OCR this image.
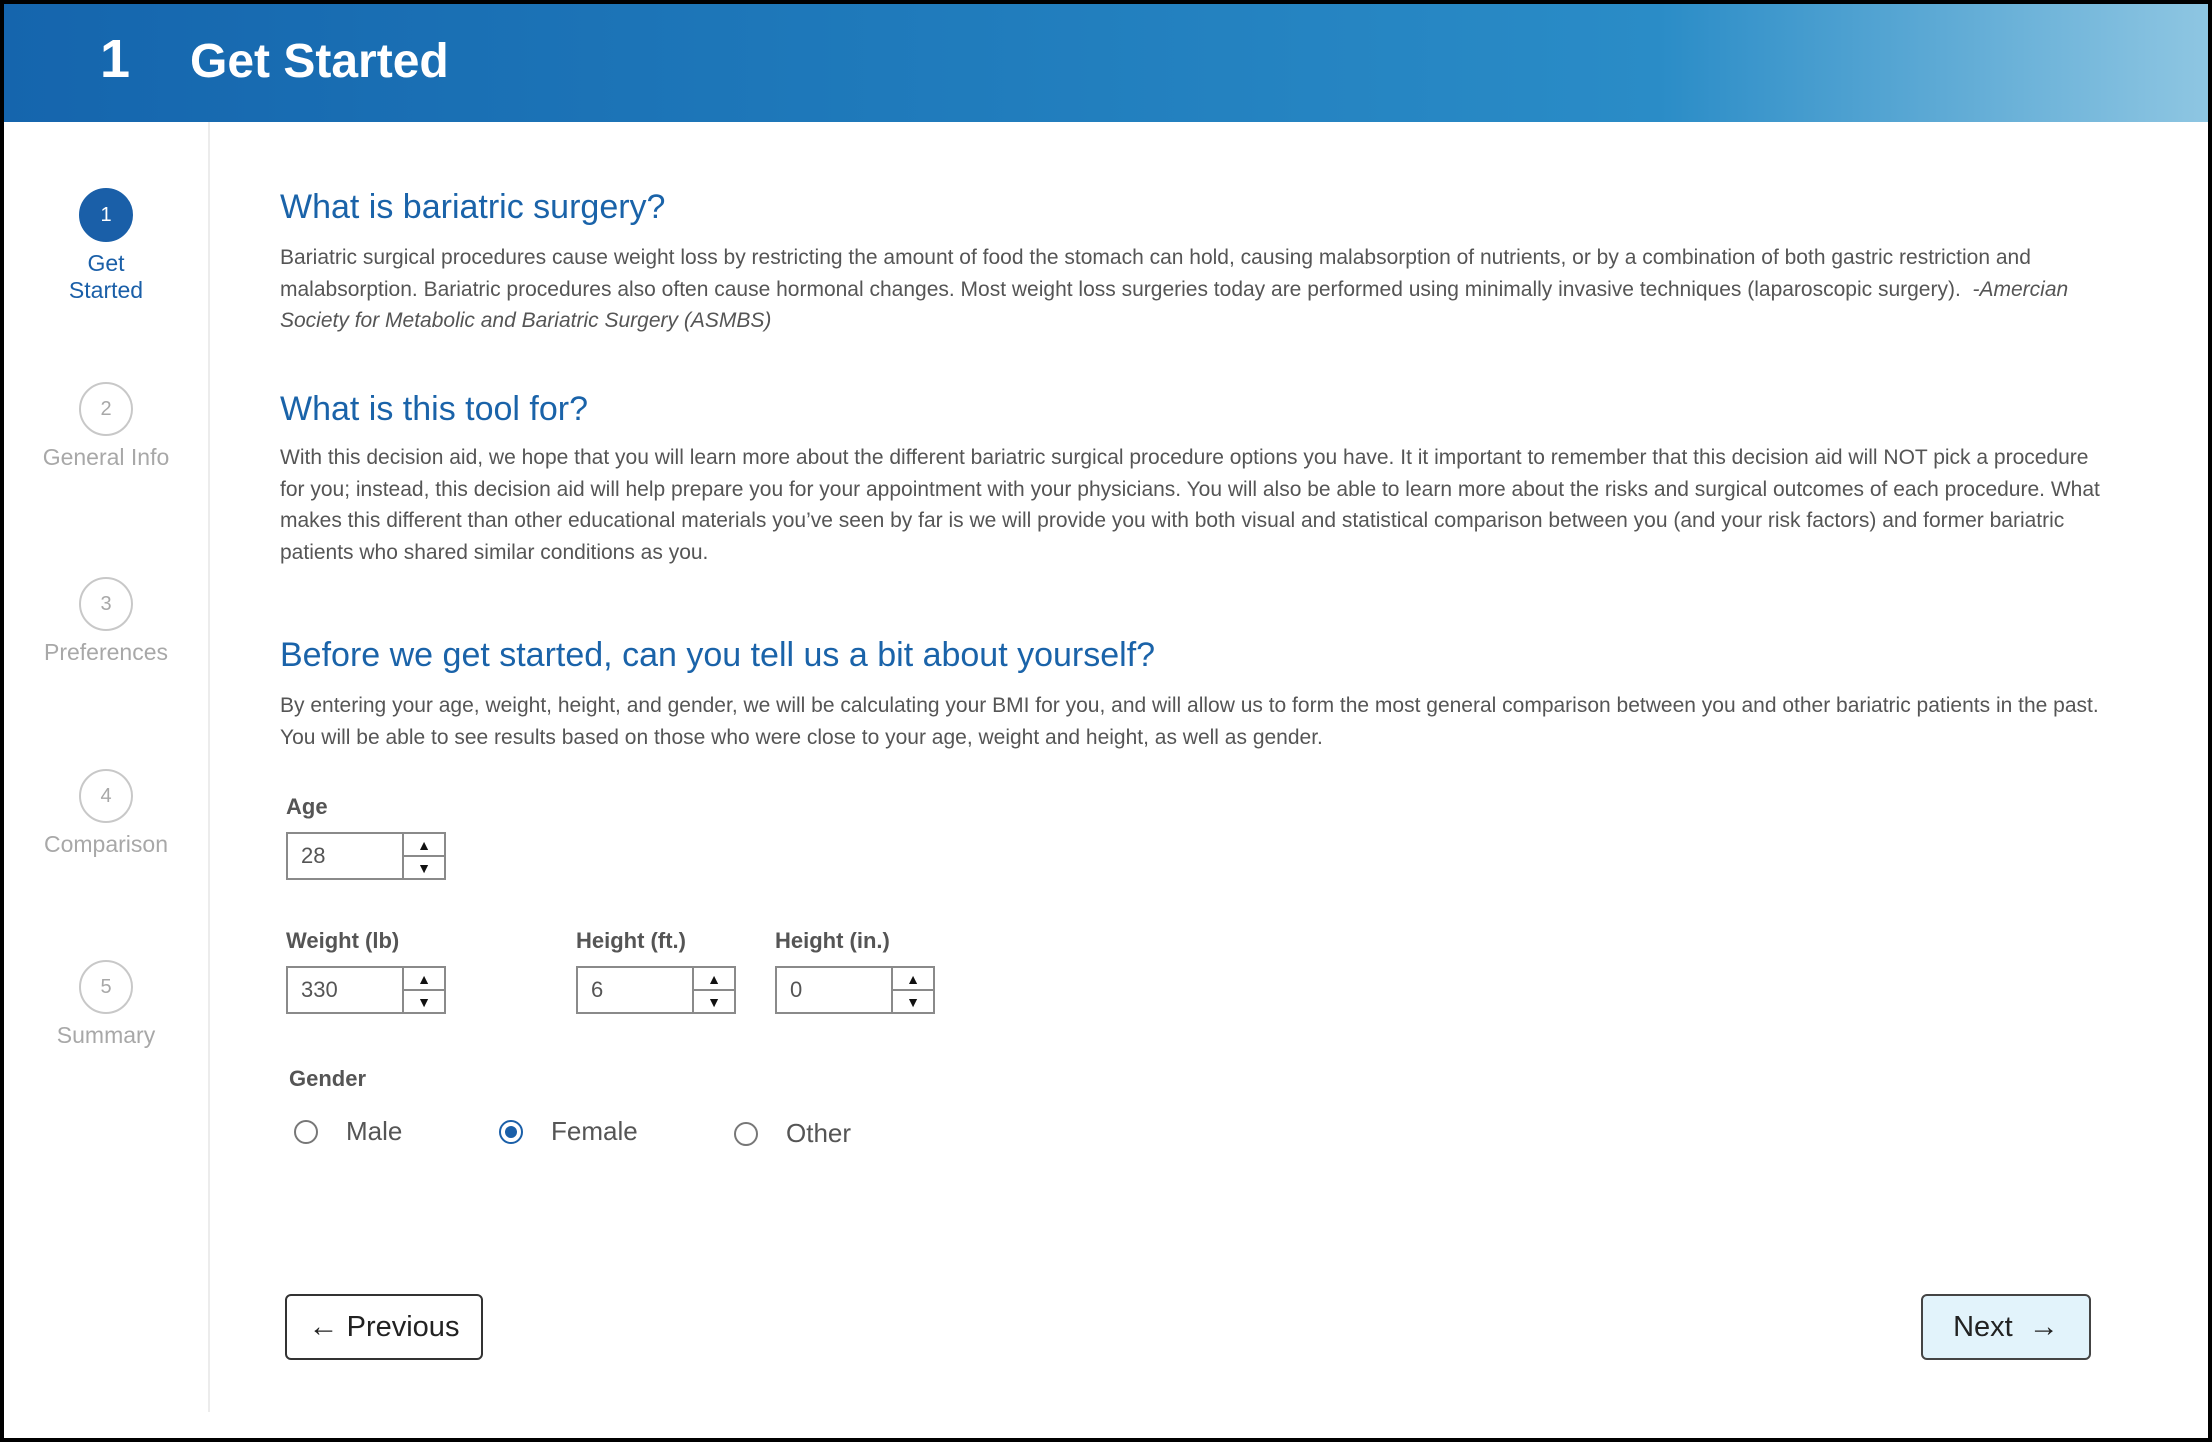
1 Get Started
1
Get
Started
2
General Info
3
Preferences
4
Comparison
5
Summary
What is bariatric surgery?

Bariatric surgical procedures cause weight loss by restricting the amount of food the stomach can hold, causing malabsorption of nutrients, or by a combination of both gastric restriction and malabsorption. Bariatric procedures also often cause hormonal changes. Most weight loss surgeries today are performed using minimally invasive techniques (laparoscopic surgery). -Amercian Society for Metabolic and Bariatric Surgery (ASMBS)

What is this tool for?

With this decision aid, we hope that you will learn more about the different bariatric surgical procedure options you have. It it important to remember that this decision aid will NOT pick a procedure for you; instead, this decision aid will help prepare you for your appointment with your physicians. You will also be able to learn more about the risks and surgical outcomes of each procedure. What makes this different than other educational materials you’ve seen by far is we will provide you with both visual and statistical comparison between you (and your risk factors) and former bariatric patients who shared similar conditions as you.

Before we get started, can you tell us a bit about yourself?

By entering your age, weight, height, and gender, we will be calculating your BMI for you, and will allow us to form the most general comparison between you and other bariatric patients in the past. You will be able to see results based on those who were close to your age, weight and height, as well as gender.

Age
28	▲
▼
Weight (lb)
330	▲
▼
Height (ft.)
6	▲
▼
Height (in.)
0	▲
▼
Gender
Male	Female	Other
←
Previous	Next
→
